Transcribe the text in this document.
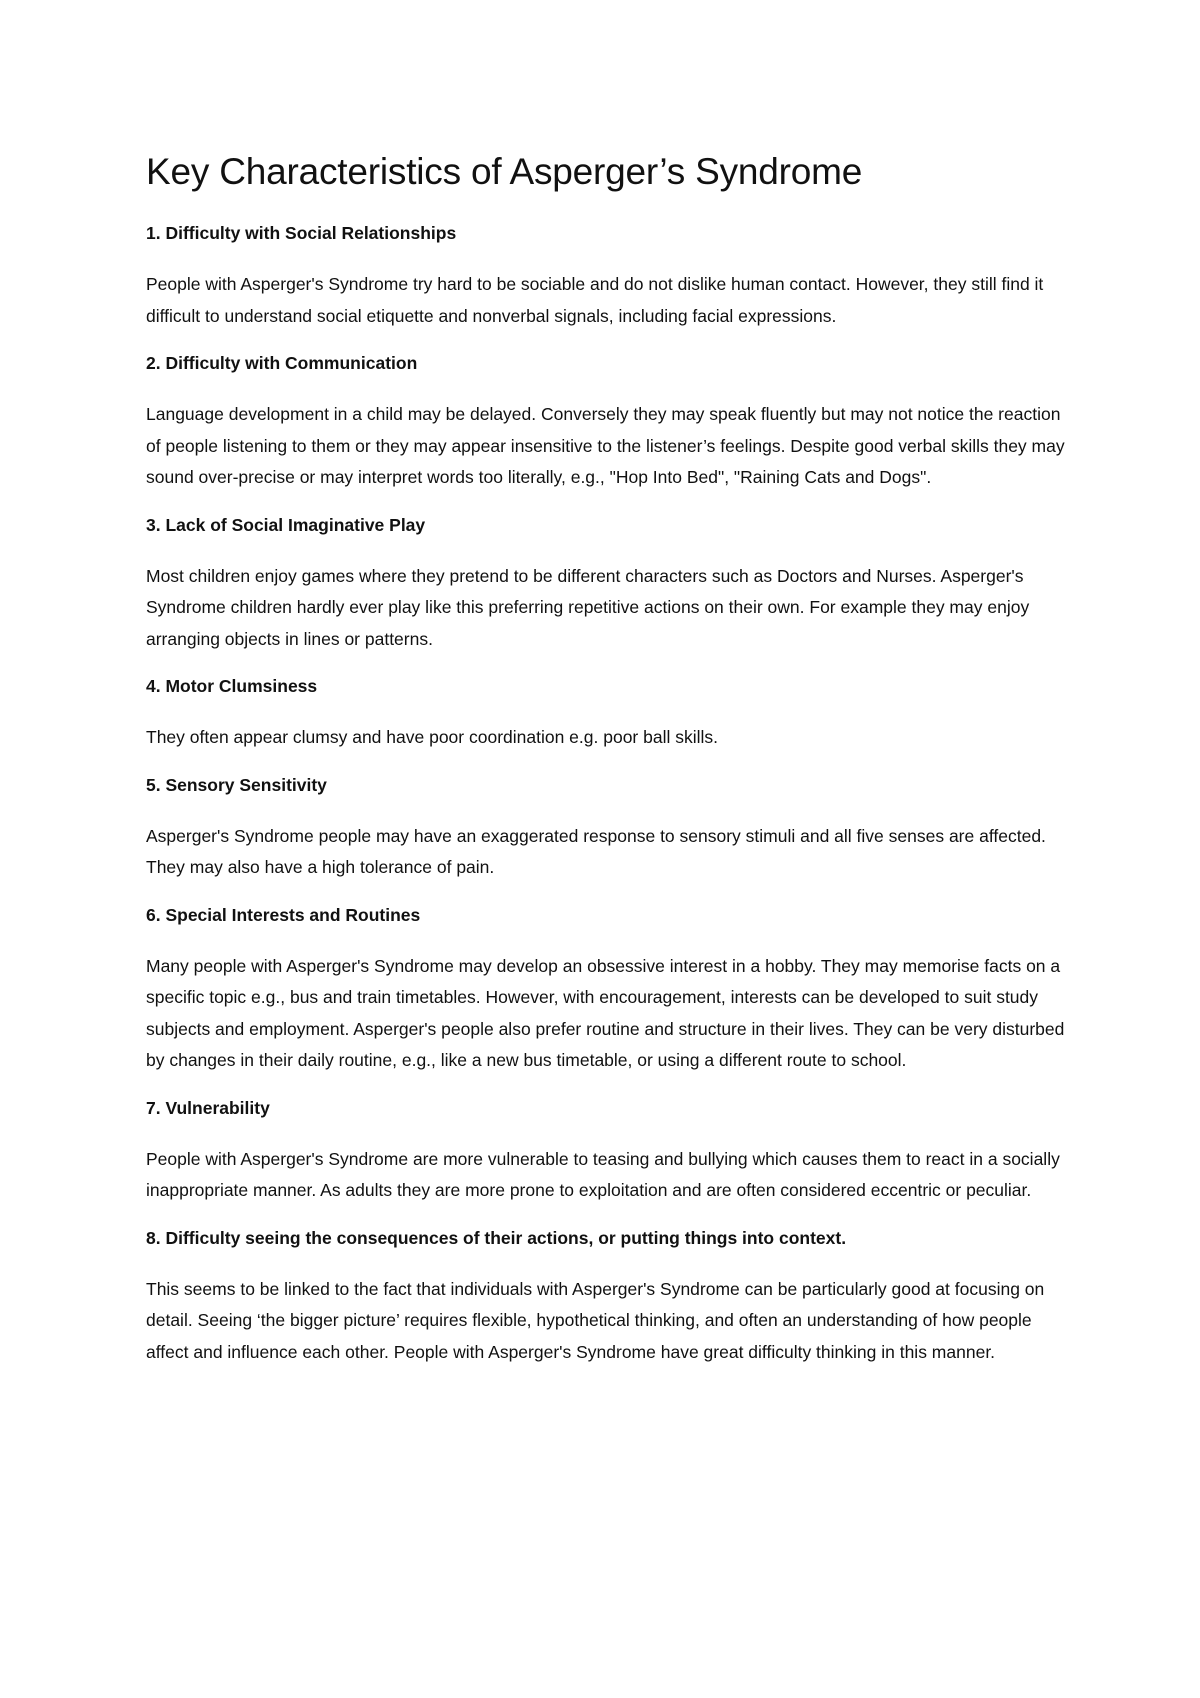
Key Characteristics of Asperger’s Syndrome

1. Difficulty with Social Relationships

People with Asperger's Syndrome try hard to be sociable and do not dislike human contact. However, they still find it difficult to understand social etiquette and nonverbal signals, including facial expressions.

2. Difficulty with Communication

Language development in a child may be delayed. Conversely they may speak fluently but may not notice the reaction of people listening to them or they may appear insensitive to the listener’s feelings. Despite good verbal skills they may sound over-precise or may interpret words too literally, e.g., "Hop Into Bed", "Raining Cats and Dogs".

3. Lack of Social Imaginative Play

Most children enjoy games where they pretend to be different characters such as Doctors and Nurses. Asperger's Syndrome children hardly ever play like this preferring repetitive actions on their own. For example they may enjoy arranging objects in lines or patterns.

4. Motor Clumsiness

They often appear clumsy and have poor coordination e.g. poor ball skills.

5. Sensory Sensitivity

Asperger's Syndrome people may have an exaggerated response to sensory stimuli and all five senses are affected. They may also have a high tolerance of pain.

6. Special Interests and Routines

Many people with Asperger's Syndrome may develop an obsessive interest in a hobby. They may memorise facts on a specific topic e.g., bus and train timetables. However, with encouragement, interests can be developed to suit study subjects and employment. Asperger's people also prefer routine and structure in their lives. They can be very disturbed by changes in their daily routine, e.g., like a new bus timetable, or using a different route to school.

7. Vulnerability

People with Asperger's Syndrome are more vulnerable to teasing and bullying which causes them to react in a socially inappropriate manner. As adults they are more prone to exploitation and are often considered eccentric or peculiar.

8. Difficulty seeing the consequences of their actions, or putting things into context.

This seems to be linked to the fact that individuals with Asperger's Syndrome can be particularly good at focusing on detail. Seeing ‘the bigger picture’ requires flexible, hypothetical thinking, and often an understanding of how people affect and influence each other. People with Asperger's Syndrome have great difficulty thinking in this manner.
